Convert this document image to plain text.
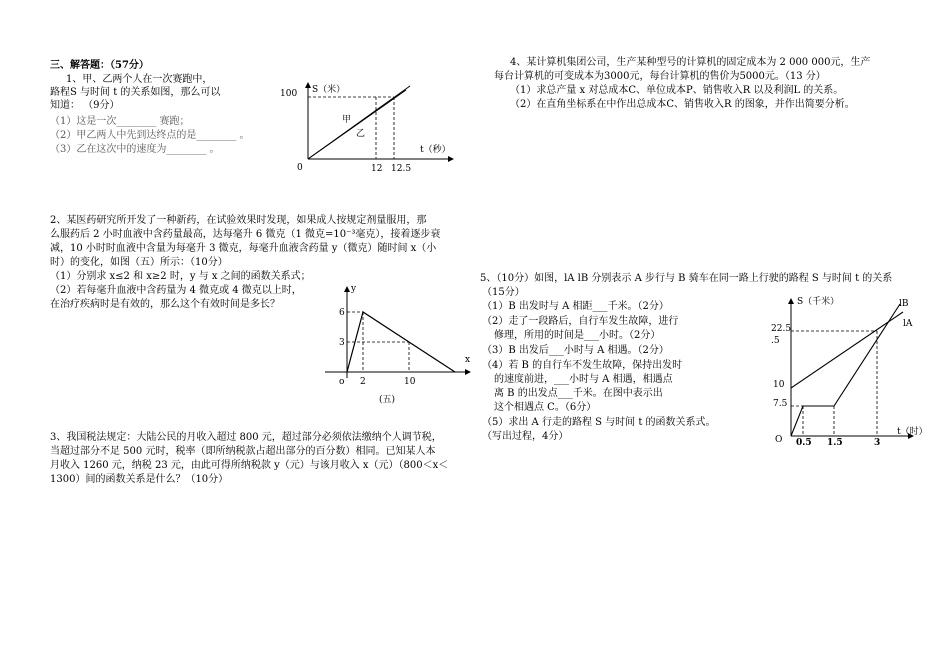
三、解答题：（57分）
1、甲、乙两个人在一次赛跑中，
路程S 与时间 t 的关系如图，那么可以
知道： （9分）
（1）这是一次________ 赛跑；
（2）甲乙两人中先到达终点的是________ 。
（3）乙在这次中的速度为________ 。
100 S（米）
甲
乙
0	12 12.5
t（秒）
2、某医药研究所开发了一种新药，在试验效果时发现，如果成人按规定剂量服用，那
么服药后 2 小时血液中含药量最高，达每毫升 6 微克（1 微克=10⁻³毫克），接着逐步衰
减，10 小时时血液中含量为每毫升 3 微克，每毫升血液含药量 y（微克）随时间 x（小
时）的变化，如图（五）所示：（10分）
（1）分别求 x≤2 和 x≥2 时，y 与 x 之间的函数关系式；
（2）若每毫升血液中含药量为 4 微克或 4 微克以上时，
在治疗疾病时是有效的，那么这个有效时间是多长？
y
6
3
o 2	10
x
(五)
3、我国税法规定：大陆公民的月收入超过 800 元，超过部分必须依法缴纳个人调节税，
当超过部分不足 500 元时，税率（即所纳税款占超出部分的百分数）相同。已知某人本
月收入 1260 元，纳税 23 元，由此可得所纳税款 y（元）与该月收入 x（元）（800＜x＜
1300）间的函数关系是什么？（10分）
4、某计算机集团公司，生产某种型号的计算机的固定成本为 2 000 000元，生产
每台计算机的可变成本为3000元，每台计算机的售价为5000元。（13 分）
（1）求总产量 x 对总成本C、单位成本P、销售收入R 以及利润L 的关系。
（2）在直角坐标系在中作出总成本C、销售收入R 的图象，并作出简要分析。
5、（10分）如图，lA lB 分别表示 A 步行与 B 骑车在同一路上行驶的路程 S 与时间 t 的关系
（15分）
（1）B 出发时与 A 相距___千米。（2分）
（2）走了一段路后，自行车发生故障，进行
修理，所用的时间是___小时。（2分）
（3）B 出发后___小时与 A 相遇。（2分）
（4）若 B 的自行车不发生故障，保持出发时
的速度前进，___小时与 A 相遇，相遇点
离 B 的出发点___千米。在图中表示出
这个相遇点 C。（6分）
（5）求出 A 行走的路程 S 与时间 t 的函数关系式。
（写出过程，4分）
S（千米）	lB
lA
22.5
.5
10
7.5
O 0.5 1.5	3
t（时）
